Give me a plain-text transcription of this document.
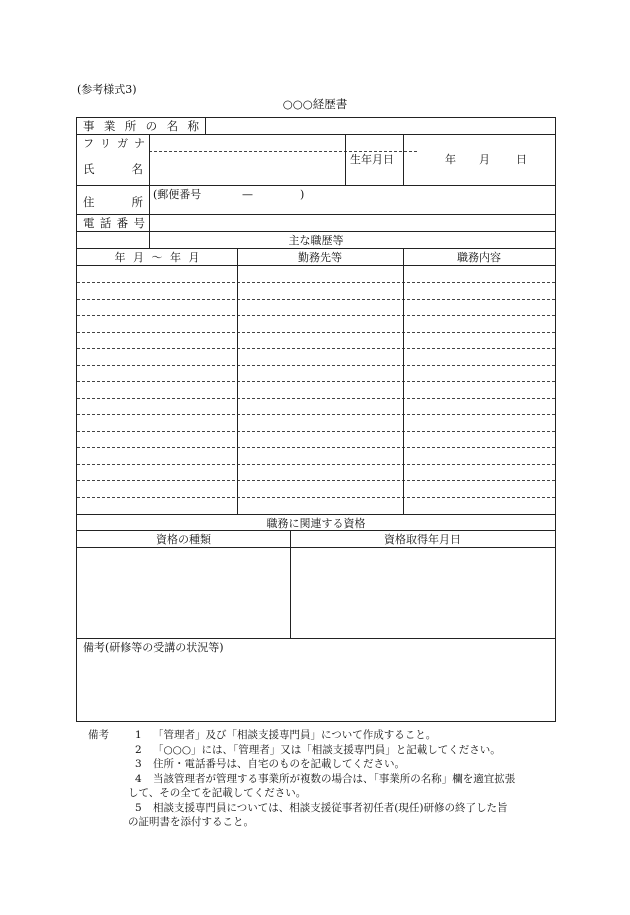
(参考様式3)
○○○経歴書
事 業 所 の 名 称
フ リ ガ ナ
氏	名
生年月日	年 月 日
住	所
(郵便番号	—	)
電 話 番 号
主な職歴等
年 月 〜 年 月	勤務先等	職務内容
職務に関連する資格
資格の種類	資格取得年月日
備考(研修等の受講の状況等)
備考	1	「管理者」及び「相談支援専門員」について作成すること。
2	「○○○」には、「管理者」又は「相談支援専門員」と記載してください。
3	住所・電話番号は、自宅のものを記載してください。
4	当該管理者が管理する事業所が複数の場合は、「事業所の名称」欄を適宜拡張
して、その全てを記載してください。
5	相談支援専門員については、相談支援従事者初任者(現任)研修の終了した旨
の証明書を添付すること。
